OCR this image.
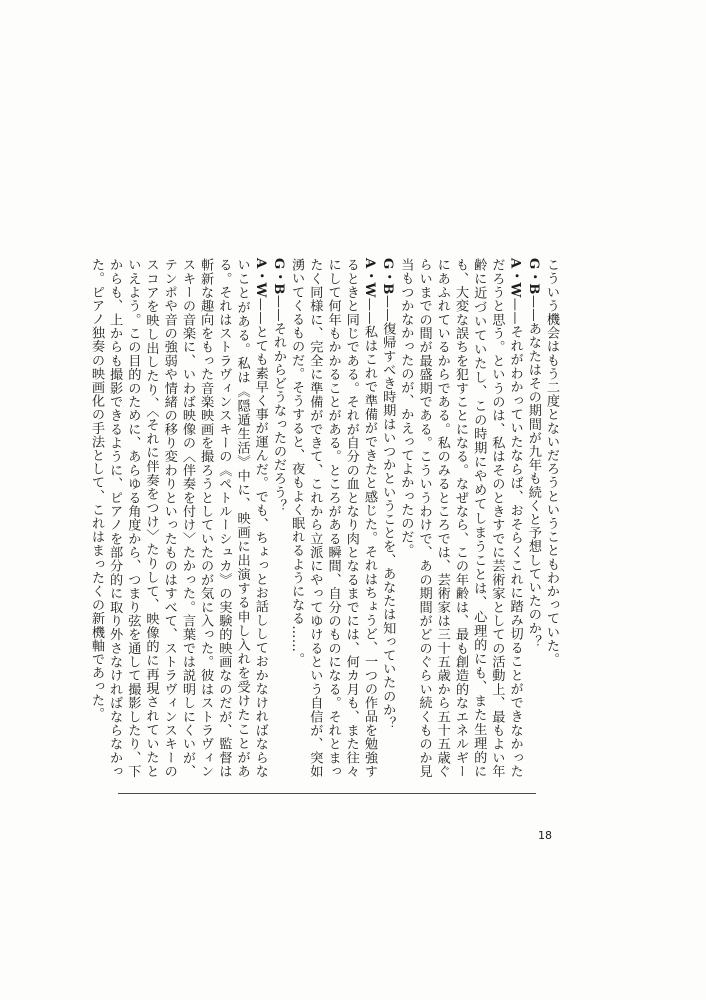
こういう機会はもう二度とないだろうということもわかっていた。

G・B——あなたはその期間が九年も続くと予想していたのか？

A・W——それがわかっていたならば、おそらくこれに踏み切ることができなかっただろうと思う。というのは、私はそのときすでに芸術家としての活動上、最もよい年齢に近づいていたし、この時期にやめてしまうことは、心理的にも、また生理的にも、大変な誤ちを犯すことになる。なぜなら、この年齢は、最も創造的なエネルギーにあふれているからである。私のみるところでは、芸術家は三十五歳から五十五歳ぐらいまでの間が最盛期である。こういうわけで、あの期間がどのぐらい続くものか見当もつかなかったのが、かえってよかったのだ。

G・B——復帰すべき時期はいつかということを、あなたは知っていたのか？

A・W——私はこれで準備ができたと感じた。それはちょうど、一つの作品を勉強するときと同じである。それが自分の血となり肉となるまでには、何カ月も、また往々にして何年もかかることがある。ところがある瞬間、自分のものになる。それとまったく同様に、完全に準備ができて、これから立派にやってゆけるという自信が、突如湧いてくるものだ。そうすると、夜もよく眠れるようになる……。

G・B——それからどうなったのだろう？

A・W——とても素早く事が運んだ。でも、ちょっとお話ししておかなければならないことがある。私は《隠遁生活》中に、映画に出演する申し入れを受けたことがある。それはストラヴィンスキーの《ペトルーシュカ》の実験的映画なのだが、監督は斬新な趣向をもった音楽映画を撮ろうとしていたのが気に入った。彼はストラヴィンスキーの音楽に、いわば映像の〈伴奏を付け〉たかった。言葉では説明しにくいが、テンポや音の強弱や情緒の移り変わりといったものはすべて、ストラヴィンスキーのスコアを映し出したり、〈それに伴奏をつけ〉たりして、映像的に再現されていたといえよう。この目的のために、あらゆる角度から、つまり弦を通して撮影したり、下からも、上からも撮影できるように、ピアノを部分的に取り外さなければならなかった。ピアノ独奏の映画化の手法として、これはまったくの新機軸であった。

18
